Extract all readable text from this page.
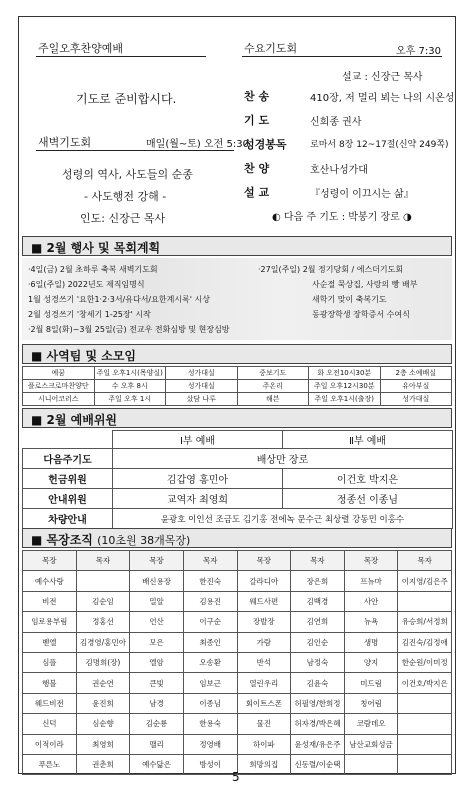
주일오후찬양예배
기도로 준비합시다.
수요기도회	오후 7:30
설교 : 신장근 목사
찬 송	410장, 저 멀리 뵈는 나의 시온성
기 도	신희종 권사
성경봉독	로마서 8장 12~17절(신약 249쪽)
찬 양	호산나성가대
설 교	『성령이 이끄시는 삶』
◐ 다음 주 기도 : 박봉기 장로 ◑
새벽기도회	매일(월~토) 오전 5:30
성령의 역사, 사도들의 순종
- 사도행전 강해 -
인도: 신장근 목사
■ 2월 행사 및 목회계획
·4일(금) 2월 초하루 축복 새벽기도회
·6일(주일) 2022년도 제직임명식
1월 성경쓰기 '요한1·2·3서/유다서/요한계시록' 시상
2월 성경쓰기 '창세기 1-25장' 시작
·2월 8일(화)~3월 25일(금) 전교우 전화심방 및 현장심방
·27일(주일) 2월 정기당회 / 에스더기도회
사순절 묵상집, 사랑의 빵 배부
새학기 맞이 축복기도
동광장학생 장학증서 수여식
■ 사역팀 및 소모임
예꿈	주일 오후1시(목양실)	성가대실	중보기도	화 오전10시30분	2층 소예배실
플로스크로마찬양단	수 오후 8시	성가대실	주온리	주일 오후12시30분	유아부실
시니어코러스	주일 오후 1시	샀담 나루	해븐	주일 오후1시(출장)	성가대실
■ 2월 예배위원
	Ⅰ부 예배	Ⅱ부 예배
다음주기도	배상만 장로	
헌금위원	김갑영 홍민아	이건호 박지은
안내위원	교역자 최영희	정종선 이종님
차량안내	윤광호 이인선 조금도 김기홍 전에녹 문수근 최상렬 강동민 이홍수	
■ 목장조직 (10초원 38개목장)
목장	목자	목장	목자	목장	목자	목장	목자
예수사랑		배신용장	한진숙	갈라디아	장은희	프뉴마	이지영/김은주
비전	김순임	밀알	김용진	웨드사편	김백경	사안	
임로용부림	정홍선	언산	이구순	장발장	김연희	뉴욕	유승희/서정희
벧엘	김경영/홍민아	모은	최종인	가람	김인순	생명	김진숙/김정애
심플	김명희(장)	엘암	오송환	반석	남정숙	양지	한순원/이미정
행블	권순연	큰빛	임보근	열린우리	김윤숙	미드림	이건호/박지은
웨드비전	윤진희	남경	이종님	회이트스폰	허필영/한희정	칭어림	
신덕	심순향	김순룡	한용숙	물진	허자경/박은혜	코람데오	
이적이라	최영희	맬리	정영배	하이파	윤성재/유은주	남산교회성금	
푸른노	권춘희	예수닮은	방성이	희망의집	신동렬/이순택		
5
